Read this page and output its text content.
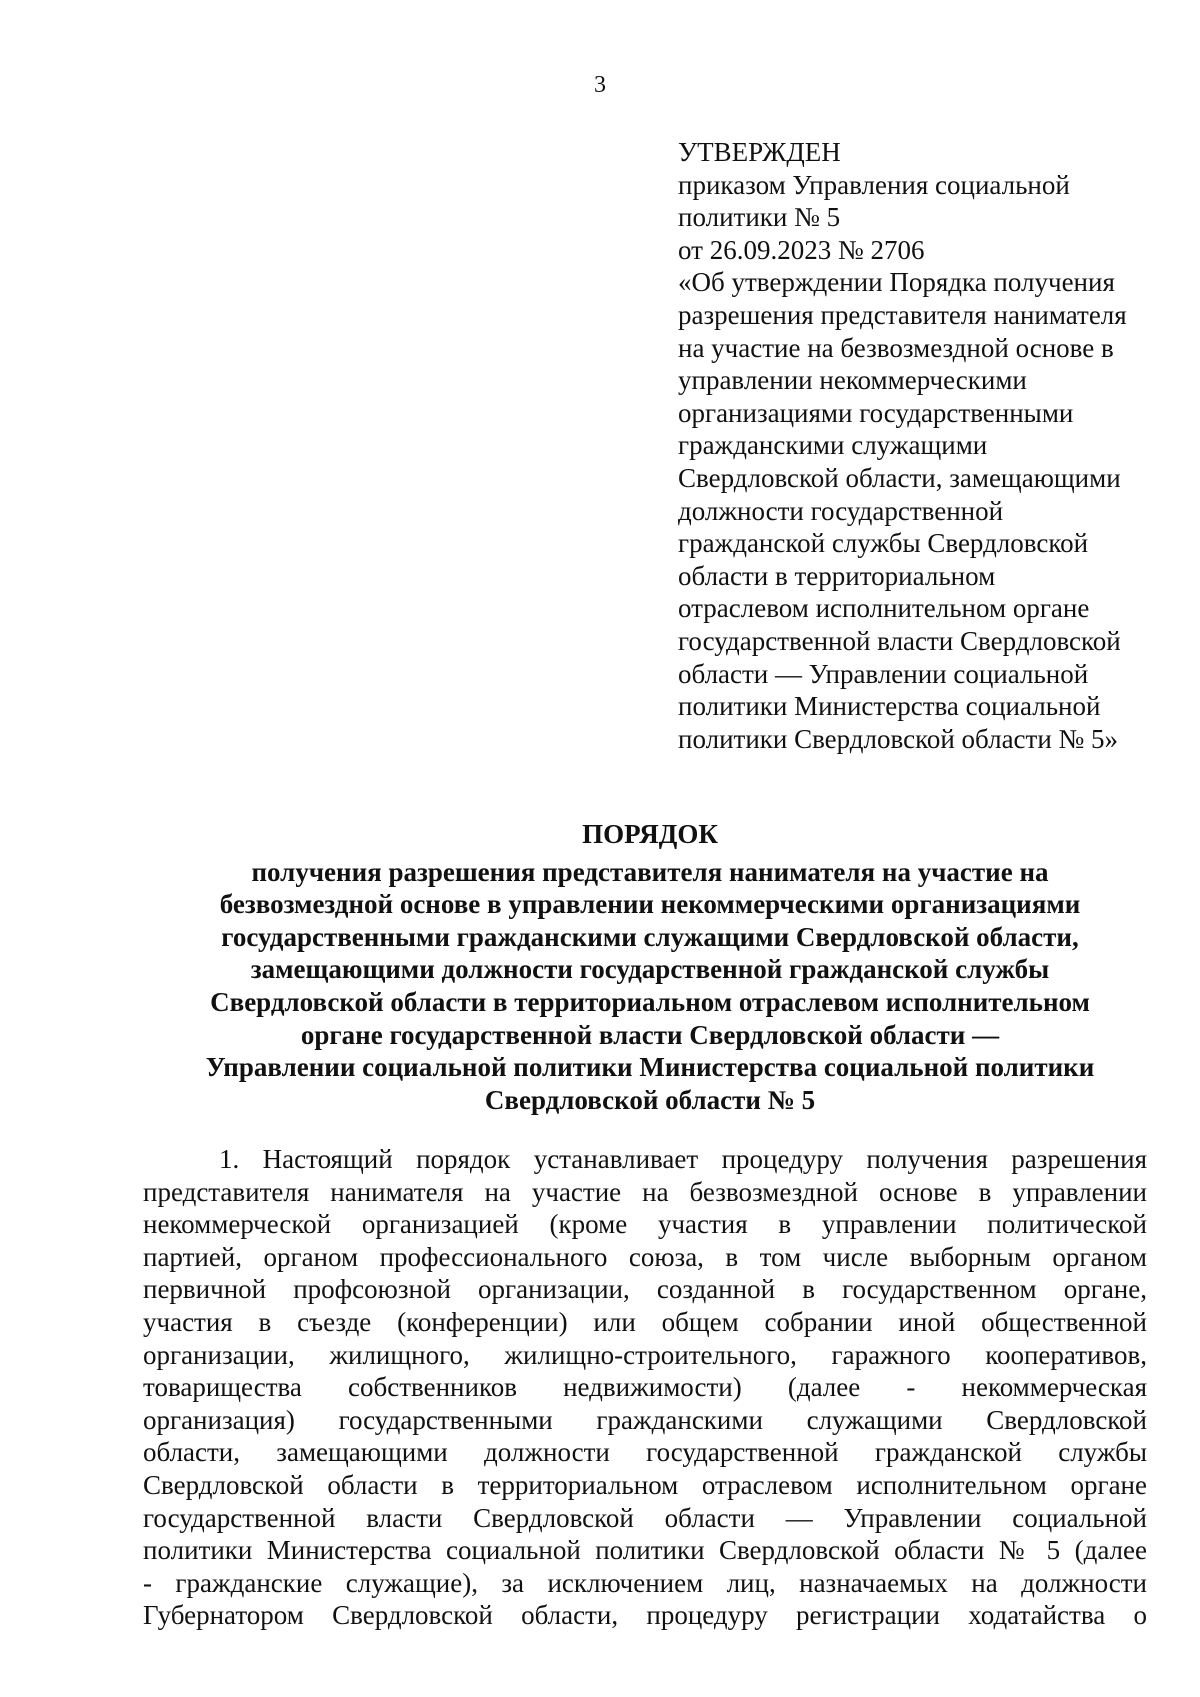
3
УТВЕРЖДЕН
приказом Управления социальной
политики № 5
от 26.09.2023 № 2706
«Об утверждении Порядка получения
разрешения представителя нанимателя
на участие на безвозмездной основе в
управлении некоммерческими
организациями государственными
гражданскими служащими
Свердловской области, замещающими
должности государственной
гражданской службы Свердловской
области в территориальном
отраслевом исполнительном органе
государственной власти Свердловской
области — Управлении социальной
политики Министерства социальной
политики Свердловской области № 5»
ПОРЯДОК
получения разрешения представителя нанимателя на участие на
безвозмездной основе в управлении некоммерческими организациями
государственными гражданскими служащими Свердловской области,
замещающими должности государственной гражданской службы
Свердловской области в территориальном отраслевом исполнительном
органе государственной власти Свердловской области —
Управлении социальной политики Министерства социальной политики
Свердловской области № 5
1. Настоящий порядок устанавливает процедуру получения разрешения
представителя нанимателя на участие на безвозмездной основе в управлении
некоммерческой организацией (кроме участия в управлении политической
партией, органом профессионального союза, в том числе выборным органом
первичной профсоюзной организации, созданной в государственном органе,
участия в съезде (конференции) или общем собрании иной общественной
организации, жилищного, жилищно-строительного, гаражного кооперативов,
товарищества собственников недвижимости) (далее - некоммерческая
организация) государственными гражданскими служащими Свердловской
области, замещающими должности государственной гражданской службы
Свердловской области в территориальном отраслевом исполнительном органе
государственной власти Свердловской области — Управлении социальной
политики Министерства социальной политики Свердловской области № 5 (далее
- гражданские служащие), за исключением лиц, назначаемых на должности
Губернатором Свердловской области, процедуру регистрации ходатайства о
